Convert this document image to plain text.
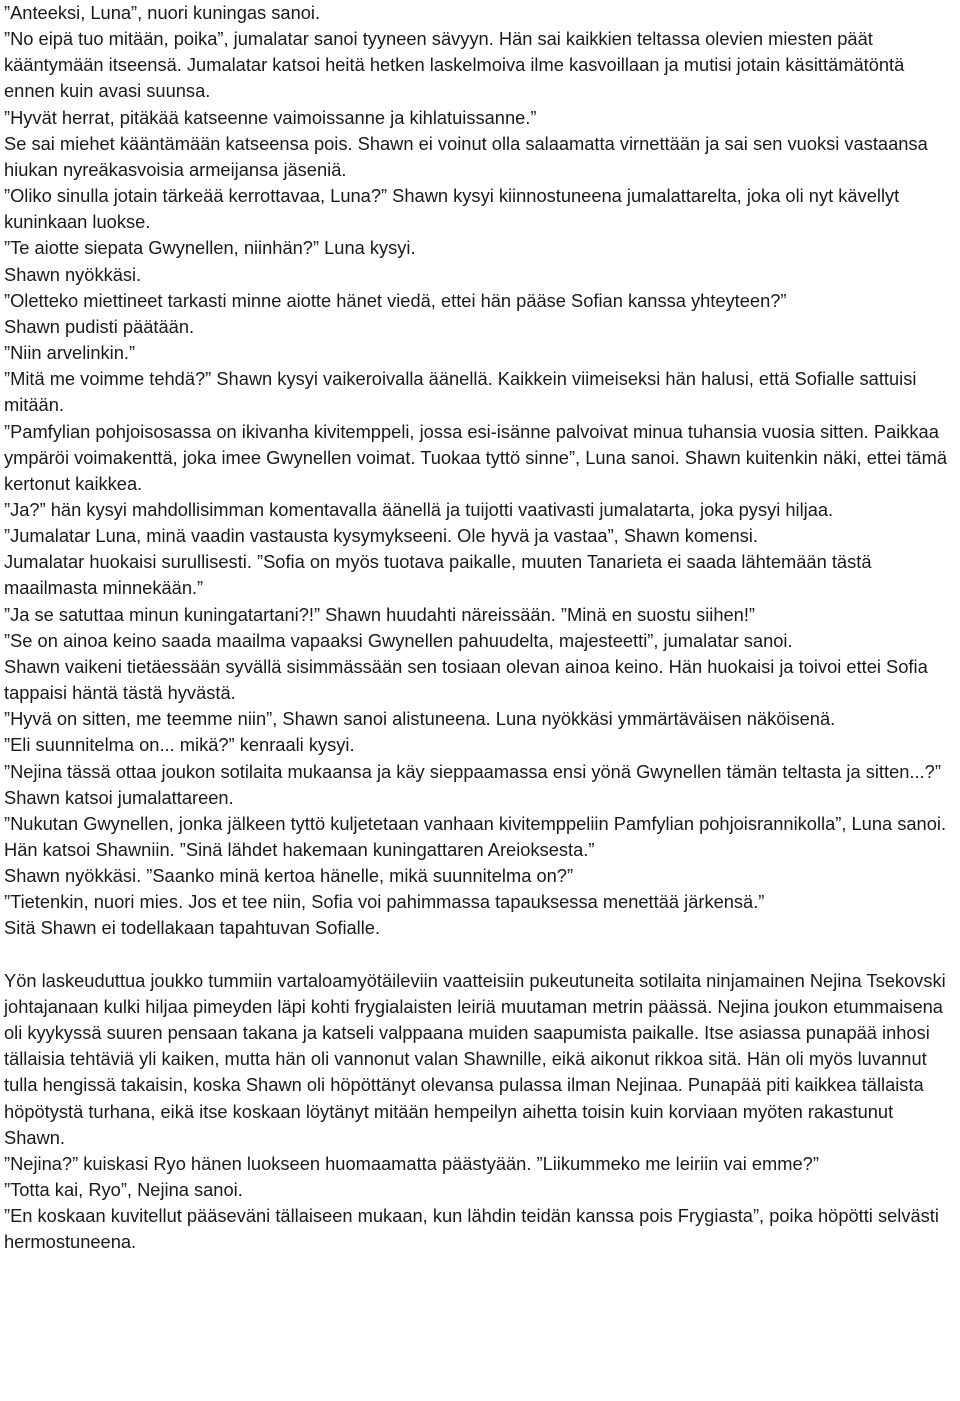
”Anteeksi, Luna”, nuori kuningas sanoi.

”No eipä tuo mitään, poika”, jumalatar sanoi tyyneen sävyyn. Hän sai kaikkien teltassa olevien miesten päät kääntymään itseensä. Jumalatar katsoi heitä hetken laskelmoiva ilme kasvoillaan ja mutisi jotain käsittämätöntä ennen kuin avasi suunsa.

”Hyvät herrat, pitäkää katseenne vaimoissanne ja kihlatuissanne.”

Se sai miehet kääntämään katseensa pois. Shawn ei voinut olla salaamatta virnettään ja sai sen vuoksi vastaansa hiukan nyreäkasvoisia armeijansa jäseniä.

”Oliko sinulla jotain tärkeää kerrottavaa, Luna?” Shawn kysyi kiinnostuneena jumalattarelta, joka oli nyt kävellyt kuninkaan luokse.

”Te aiotte siepata Gwynellen, niinhän?” Luna kysyi.

Shawn nyökkäsi.

”Oletteko miettineet tarkasti minne aiotte hänet viedä, ettei hän pääse Sofian kanssa yhteyteen?”

Shawn pudisti päätään.

”Niin arvelinkin.”

”Mitä me voimme tehdä?” Shawn kysyi vaikeroivalla äänellä. Kaikkein viimeiseksi hän halusi, että Sofialle sattuisi mitään.

”Pamfylian pohjoisosassa on ikivanha kivitemppeli, jossa esi-isänne palvoivat minua tuhansia vuosia sitten. Paikkaa ympäröi voimakenttä, joka imee Gwynellen voimat. Tuokaa tyttö sinne”, Luna sanoi. Shawn kuitenkin näki, ettei tämä kertonut kaikkea.

”Ja?” hän kysyi mahdollisimman komentavalla äänellä ja tuijotti vaativasti jumalatarta, joka pysyi hiljaa.

”Jumalatar Luna, minä vaadin vastausta kysymykseeni. Ole hyvä ja vastaa”, Shawn komensi.

Jumalatar huokaisi surullisesti. ”Sofia on myös tuotava paikalle, muuten Tanarieta ei saada lähtemään tästä maailmasta minnekään.”

”Ja se satuttaa minun kuningatartani?!” Shawn huudahti näreissään. ”Minä en suostu siihen!”

”Se on ainoa keino saada maailma vapaaksi Gwynellen pahuudelta, majesteetti”, jumalatar sanoi.

Shawn vaikeni tietäessään syvällä sisimmässään sen tosiaan olevan ainoa keino. Hän huokaisi ja toivoi ettei Sofia tappaisi häntä tästä hyvästä.

”Hyvä on sitten, me teemme niin”, Shawn sanoi alistuneena. Luna nyökkäsi ymmärtäväisen näköisenä.

”Eli suunnitelma on... mikä?” kenraali kysyi.

”Nejina tässä ottaa joukon sotilaita mukaansa ja käy sieppaamassa ensi yönä Gwynellen tämän teltasta ja sitten...?” Shawn katsoi jumalattareen.

”Nukutan Gwynellen, jonka jälkeen tyttö kuljetetaan vanhaan kivitemppeliin Pamfylian pohjoisrannikolla”, Luna sanoi. Hän katsoi Shawniin. ”Sinä lähdet hakemaan kuningattaren Areioksesta.”

Shawn nyökkäsi. ”Saanko minä kertoa hänelle, mikä suunnitelma on?”

”Tietenkin, nuori mies. Jos et tee niin, Sofia voi pahimmassa tapauksessa menettää järkensä.”

Sitä Shawn ei todellakaan tapahtuvan Sofialle.

Yön laskeuduttua joukko tummiin vartaloamyötäileviin vaatteisiin pukeutuneita sotilaita ninjamainen Nejina Tsekovski johtajanaan kulki hiljaa pimeyden läpi kohti frygialaisten leiriä muutaman metrin päässä. Nejina joukon etummaisena oli kyykyssä suuren pensaan takana ja katseli valppaana muiden saapumista paikalle. Itse asiassa punapää inhosi tällaisia tehtäviä yli kaiken, mutta hän oli vannonut valan Shawnille, eikä aikonut rikkoa sitä. Hän oli myös luvannut tulla hengissä takaisin, koska Shawn oli höpöttänyt olevansa pulassa ilman Nejinaa. Punapää piti kaikkea tällaista höpötystä turhana, eikä itse koskaan löytänyt mitään hempeilyn aihetta toisin kuin korviaan myöten rakastunut Shawn.

”Nejina?” kuiskasi Ryo hänen luokseen huomaamatta päästyään. ”Liikummeko me leiriin vai emme?”

”Totta kai, Ryo”, Nejina sanoi.

”En koskaan kuvitellut pääseväni tällaiseen mukaan, kun lähdin teidän kanssa pois Frygiasta”, poika höpötti selvästi hermostuneena.
